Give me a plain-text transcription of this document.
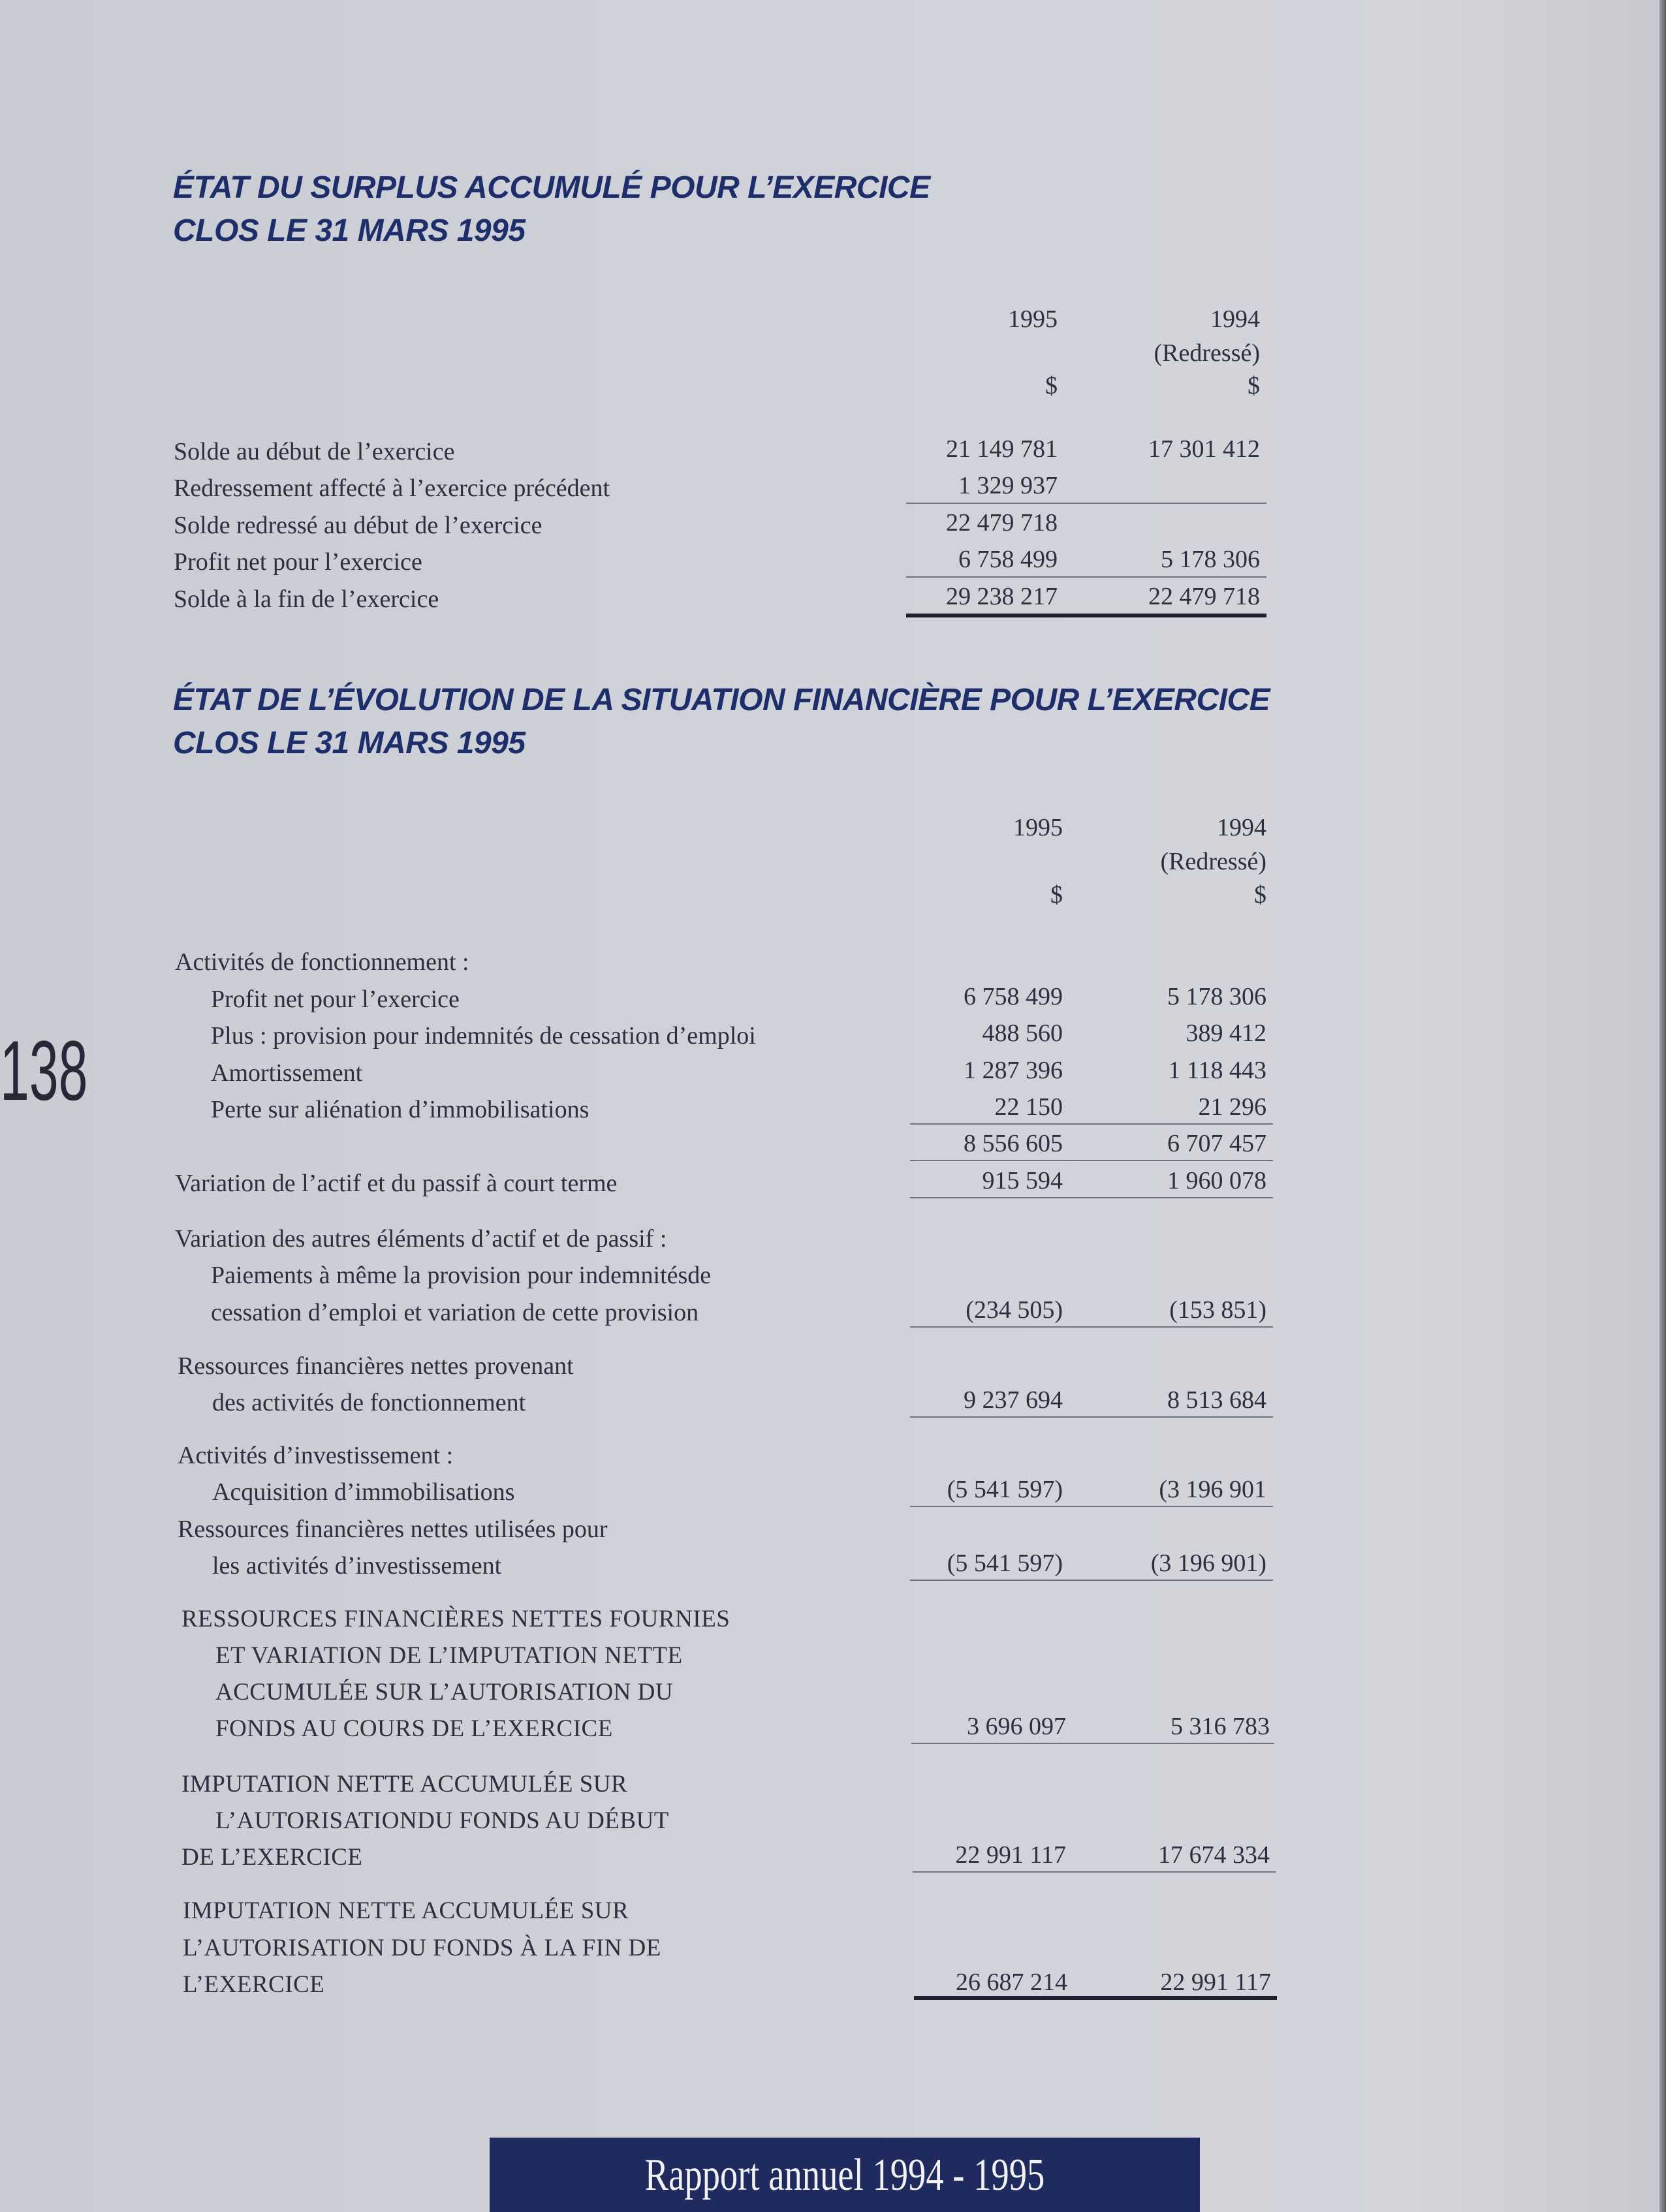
138
ÉTAT DU SURPLUS ACCUMULÉ POUR L’EXERCICE
CLOS LE 31 MARS 1995
1995	1994
(Redressé)
$	$
Solde au début de l’exercice	21 149 781	17 301 412
Redressement affecté à l’exercice précédent	1 329 937
Solde redressé au début de l’exercice	22 479 718
Profit net pour l’exercice	6 758 499	5 178 306
Solde à la fin de l’exercice	29 238 217	22 479 718
ÉTAT DE L’ÉVOLUTION DE LA SITUATION FINANCIÈRE POUR L’EXERCICE
CLOS LE 31 MARS 1995
1995	1994
(Redressé)
$	$
Activités de fonctionnement :
Profit net pour l’exercice	6 758 499	5 178 306
Plus : provision pour indemnités de cessation d’emploi	488 560	389 412
Amortissement	1 287 396	1 118 443
Perte sur aliénation d’immobilisations	22 150	21 296
8 556 605	6 707 457
Variation de l’actif et du passif à court terme	915 594	1 960 078
Variation des autres éléments d’actif et de passif :
Paiements à même la provision pour indemnitésde
cessation d’emploi et variation de cette provision	(234 505)	(153 851)
Ressources financières nettes provenant
des activités de fonctionnement	9 237 694	8 513 684
Activités d’investissement :
Acquisition d’immobilisations	(5 541 597)	(3 196 901
Ressources financières nettes utilisées pour
les activités d’investissement	(5 541 597)	(3 196 901)
RESSOURCES FINANCIÈRES NETTES FOURNIES
ET VARIATION DE L’IMPUTATION NETTE
ACCUMULÉE SUR L’AUTORISATION DU
FONDS AU COURS DE L’EXERCICE	3 696 097	5 316 783
IMPUTATION NETTE ACCUMULÉE SUR
L’AUTORISATIONDU FONDS AU DÉBUT
DE L’EXERCICE	22 991 117	17 674 334
IMPUTATION NETTE ACCUMULÉE SUR
L’AUTORISATION DU FONDS À LA FIN DE
L’EXERCICE	26 687 214	22 991 117
Rapport annuel 1994 - 1995
